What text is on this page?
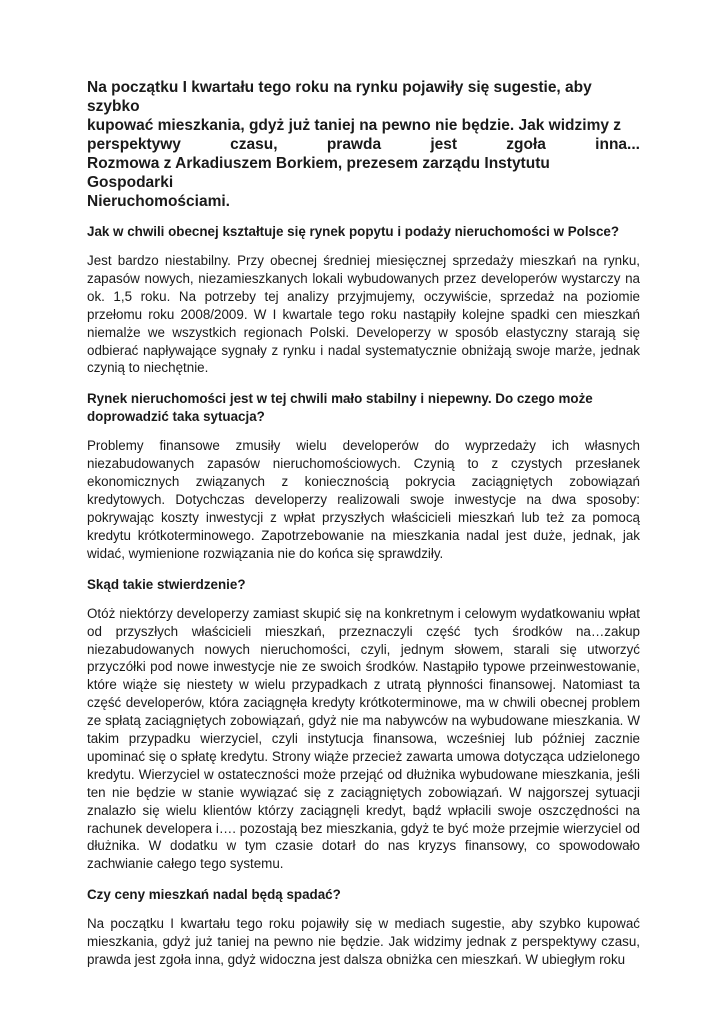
Na początku I kwartału tego roku na rynku pojawiły się sugestie, aby szybko
kupować mieszkania, gdyż już taniej na pewno nie będzie. Jak widzimy z
perspektywy	czasu,	prawda	jest	zgoła	inna...
Rozmowa z Arkadiuszem Borkiem, prezesem zarządu Instytutu Gospodarki
Nieruchomościami.
Jak w chwili obecnej kształtuje się rynek popytu i podaży nieruchomości w Polsce?
Jest bardzo niestabilny. Przy obecnej średniej miesięcznej sprzedaży mieszkań na rynku, zapasów nowych, niezamieszkanych lokali wybudowanych przez developerów wystarczy na ok. 1,5 roku. Na potrzeby tej analizy przyjmujemy, oczywiście, sprzedaż na poziomie przełomu roku 2008/2009. W I kwartale tego roku nastąpiły kolejne spadki cen mieszkań niemalże we wszystkich regionach Polski. Developerzy w sposób elastyczny starają się odbierać napływające sygnały z rynku i nadal systematycznie obniżają swoje marże, jednak czynią to niechętnie.
Rynek nieruchomości jest w tej chwili mało stabilny i niepewny. Do czego może doprowadzić taka sytuacja?
Problemy finansowe zmusiły wielu developerów do wyprzedaży ich własnych niezabudowanych zapasów nieruchomościowych. Czynią to z czystych przesłanek ekonomicznych związanych z koniecznością pokrycia zaciągniętych zobowiązań kredytowych. Dotychczas developerzy realizowali swoje inwestycje na dwa sposoby: pokrywając koszty inwestycji z wpłat przyszłych właścicieli mieszkań lub też za pomocą kredytu krótkoterminowego. Zapotrzebowanie na mieszkania nadal jest duże, jednak, jak widać, wymienione rozwiązania nie do końca się sprawdziły.
Skąd takie stwierdzenie?
Otóż niektórzy developerzy zamiast skupić się na konkretnym i celowym wydatkowaniu wpłat od przyszłych właścicieli mieszkań, przeznaczyli część tych środków na…zakup niezabudowanych nowych nieruchomości, czyli, jednym słowem, starali się utworzyć przyczółki pod nowe inwestycje nie ze swoich środków. Nastąpiło typowe przeinwestowanie, które wiąże się niestety w wielu przypadkach z utratą płynności finansowej. Natomiast ta część developerów, która zaciągnęła kredyty krótkoterminowe, ma w chwili obecnej problem ze spłatą zaciągniętych zobowiązań, gdyż nie ma nabywców na wybudowane mieszkania. W takim przypadku wierzyciel, czyli instytucja finansowa, wcześniej lub później zacznie upominać się o spłatę kredytu. Strony wiąże przecież zawarta umowa dotycząca udzielonego kredytu. Wierzyciel w ostateczności może przejąć od dłużnika wybudowane mieszkania, jeśli ten nie będzie w stanie wywiązać się z zaciągniętych zobowiązań. W najgorszej sytuacji znalazło się wielu klientów którzy zaciągnęli kredyt, bądź wpłacili swoje oszczędności na rachunek developera i…. pozostają bez mieszkania, gdyż te być może przejmie wierzyciel od dłużnika. W dodatku w tym czasie dotarł do nas kryzys finansowy, co spowodowało zachwianie całego tego systemu.
Czy ceny mieszkań nadal będą spadać?
Na początku I kwartału tego roku pojawiły się w mediach sugestie, aby szybko kupować mieszkania, gdyż już taniej na pewno nie będzie. Jak widzimy jednak z perspektywy czasu, prawda jest zgoła inna, gdyż widoczna jest dalsza obniżka cen mieszkań. W ubiegłym roku
